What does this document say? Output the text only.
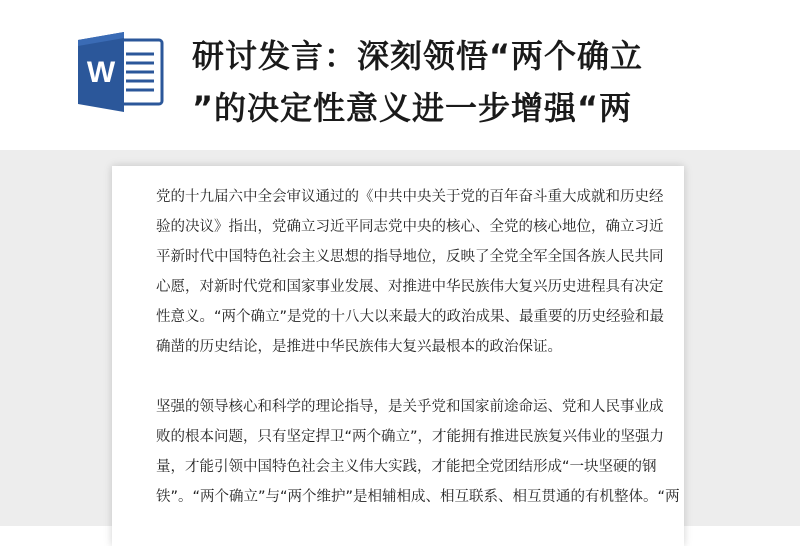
W 研讨发言：深刻领悟“两个确立
”的决定性意义进一步增强“两
党的十九届六中全会审议通过的《中共中央关于党的百年奋斗重大成就和历史经
验的决议》指出，党确立习近平同志党中央的核心、全党的核心地位，确立习近
平新时代中国特色社会主义思想的指导地位，反映了全党全军全国各族人民共同
心愿，对新时代党和国家事业发展、对推进中华民族伟大复兴历史进程具有决定
性意义。“两个确立”是党的十八大以来最大的政治成果、最重要的历史经验和最
确凿的历史结论，是推进中华民族伟大复兴最根本的政治保证。
坚强的领导核心和科学的理论指导，是关乎党和国家前途命运、党和人民事业成
败的根本问题，只有坚定捍卫“两个确立”，才能拥有推进民族复兴伟业的坚强力
量，才能引领中国特色社会主义伟大实践，才能把全党团结形成“一块坚硬的钢
铁”。“两个确立”与“两个维护”是相辅相成、相互联系、相互贯通的有机整体。“两
